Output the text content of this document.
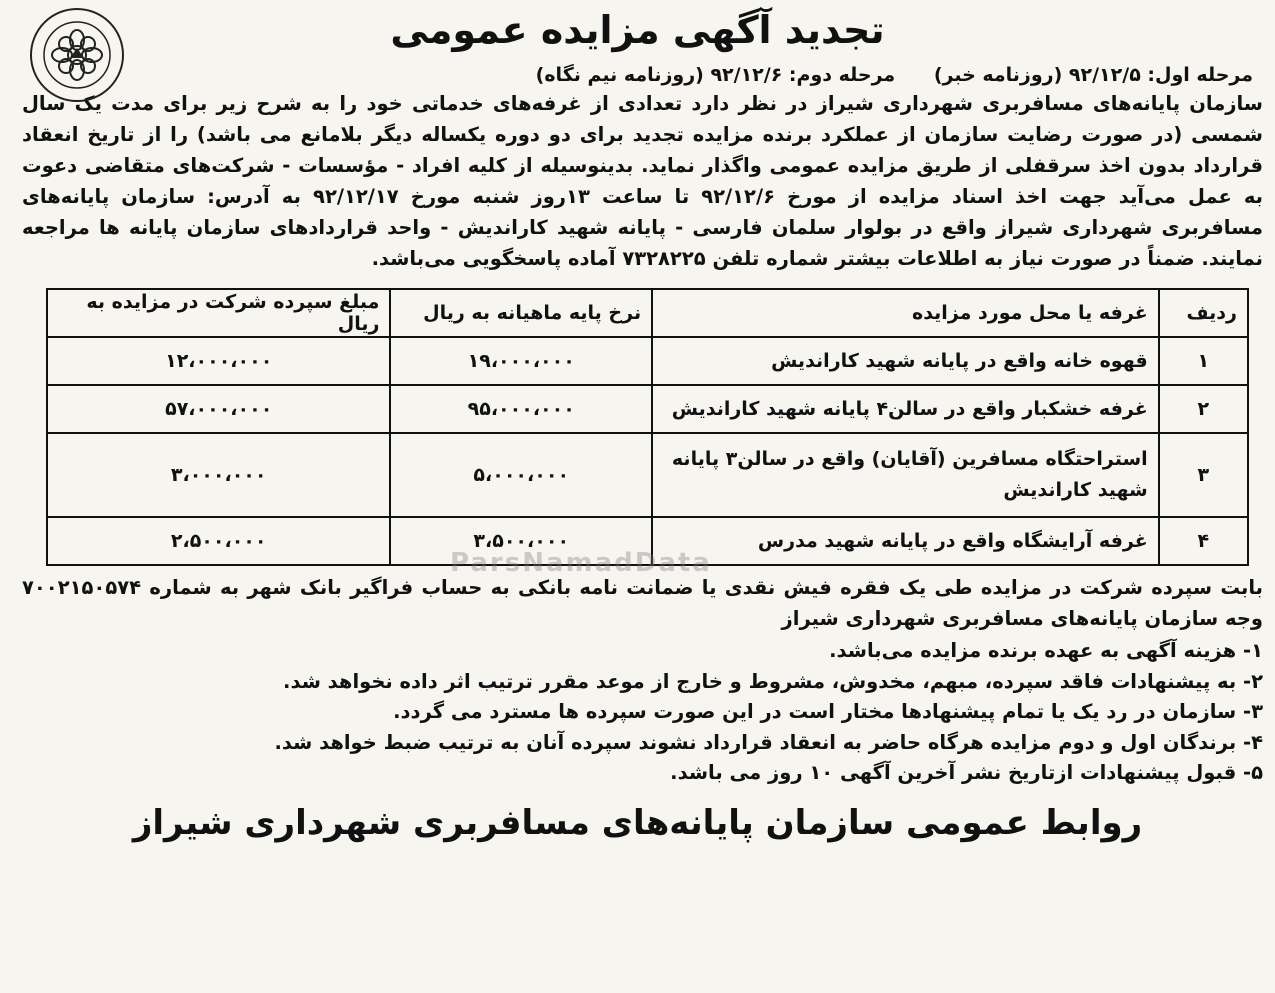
تجدید آگهی مزایده عمومی
مرحله اول: ۹۲/۱۲/۵ (روزنامه خبر) مرحله دوم: ۹۲/۱۲/۶ (روزنامه نیم نگاه)
سازمان پایانه‌های مسافربری شهرداری شیراز در نظر دارد تعدادی از غرفه‌های خدماتی خود را به شرح زیر برای مدت یک سال شمسی (در صورت رضایت سازمان از عملکرد برنده مزایده تجدید برای دو دوره یکساله دیگر بلامانع می باشد) را از تاریخ انعقاد قرارداد بدون اخذ سرقفلی از طریق مزایده عمومی واگذار نماید. بدینوسیله از کلیه افراد - مؤسسات - شرکت‌های متقاضی دعوت به عمل می‌آید جهت اخذ اسناد مزایده از مورخ ۹۲/۱۲/۶ تا ساعت ۱۳روز شنبه مورخ ۹۲/۱۲/۱۷ به آدرس: سازمان پایانه‌های مسافربری شهرداری شیراز واقع در بولوار سلمان فارسی - پایانه شهید کاراندیش - واحد قراردادهای سازمان پایانه ها مراجعه نمایند. ضمناً در صورت نیاز به اطلاعات بیشتر شماره تلفن ۷۳۲۸۲۲۵ آماده پاسخگویی می‌باشد.
ردیف	غرفه یا محل مورد مزایده	نرخ پایه ماهیانه به ریال	مبلغ سپرده شرکت در مزایده به ریال
۱	قهوه خانه واقع در پایانه شهید کاراندیش	۱۹،۰۰۰،۰۰۰	۱۲،۰۰۰،۰۰۰
۲	غرفه خشکبار واقع در سالن۴ پایانه شهید کاراندیش	۹۵،۰۰۰،۰۰۰	۵۷،۰۰۰،۰۰۰
۳	استراحتگاه مسافرین (آقایان) واقع در سالن۳ پایانه شهید کاراندیش	۵،۰۰۰،۰۰۰	۳،۰۰۰،۰۰۰
۴	غرفه آرایشگاه واقع در پایانه شهید مدرس	۳،۵۰۰،۰۰۰	۲،۵۰۰،۰۰۰
ParsNamadData
بابت سپرده شرکت در مزایده طی یک فقره فیش نقدی یا ضمانت نامه بانکی به حساب فراگیر بانک شهر به شماره ۷۰۰۲۱۵۰۵۷۴ وجه سازمان پایانه‌های مسافربری شهرداری شیراز
۱- هزینه آگهی به عهده برنده مزایده می‌باشد.
۲- به پیشنهادات فاقد سپرده، مبهم، مخدوش، مشروط و خارج از موعد مقرر ترتیب اثر داده نخواهد شد.
۳- سازمان در رد یک یا تمام پیشنهادها مختار است در این صورت سپرده ها مسترد می گردد.
۴- برندگان اول و دوم مزایده هرگاه حاضر به انعقاد قرارداد نشوند سپرده آنان به ترتیب ضبط خواهد شد.
۵- قبول پیشنهادات ازتاریخ نشر آخرین آگهی ۱۰ روز می باشد.
روابط عمومی سازمان پایانه‌های مسافربری شهرداری شیراز
